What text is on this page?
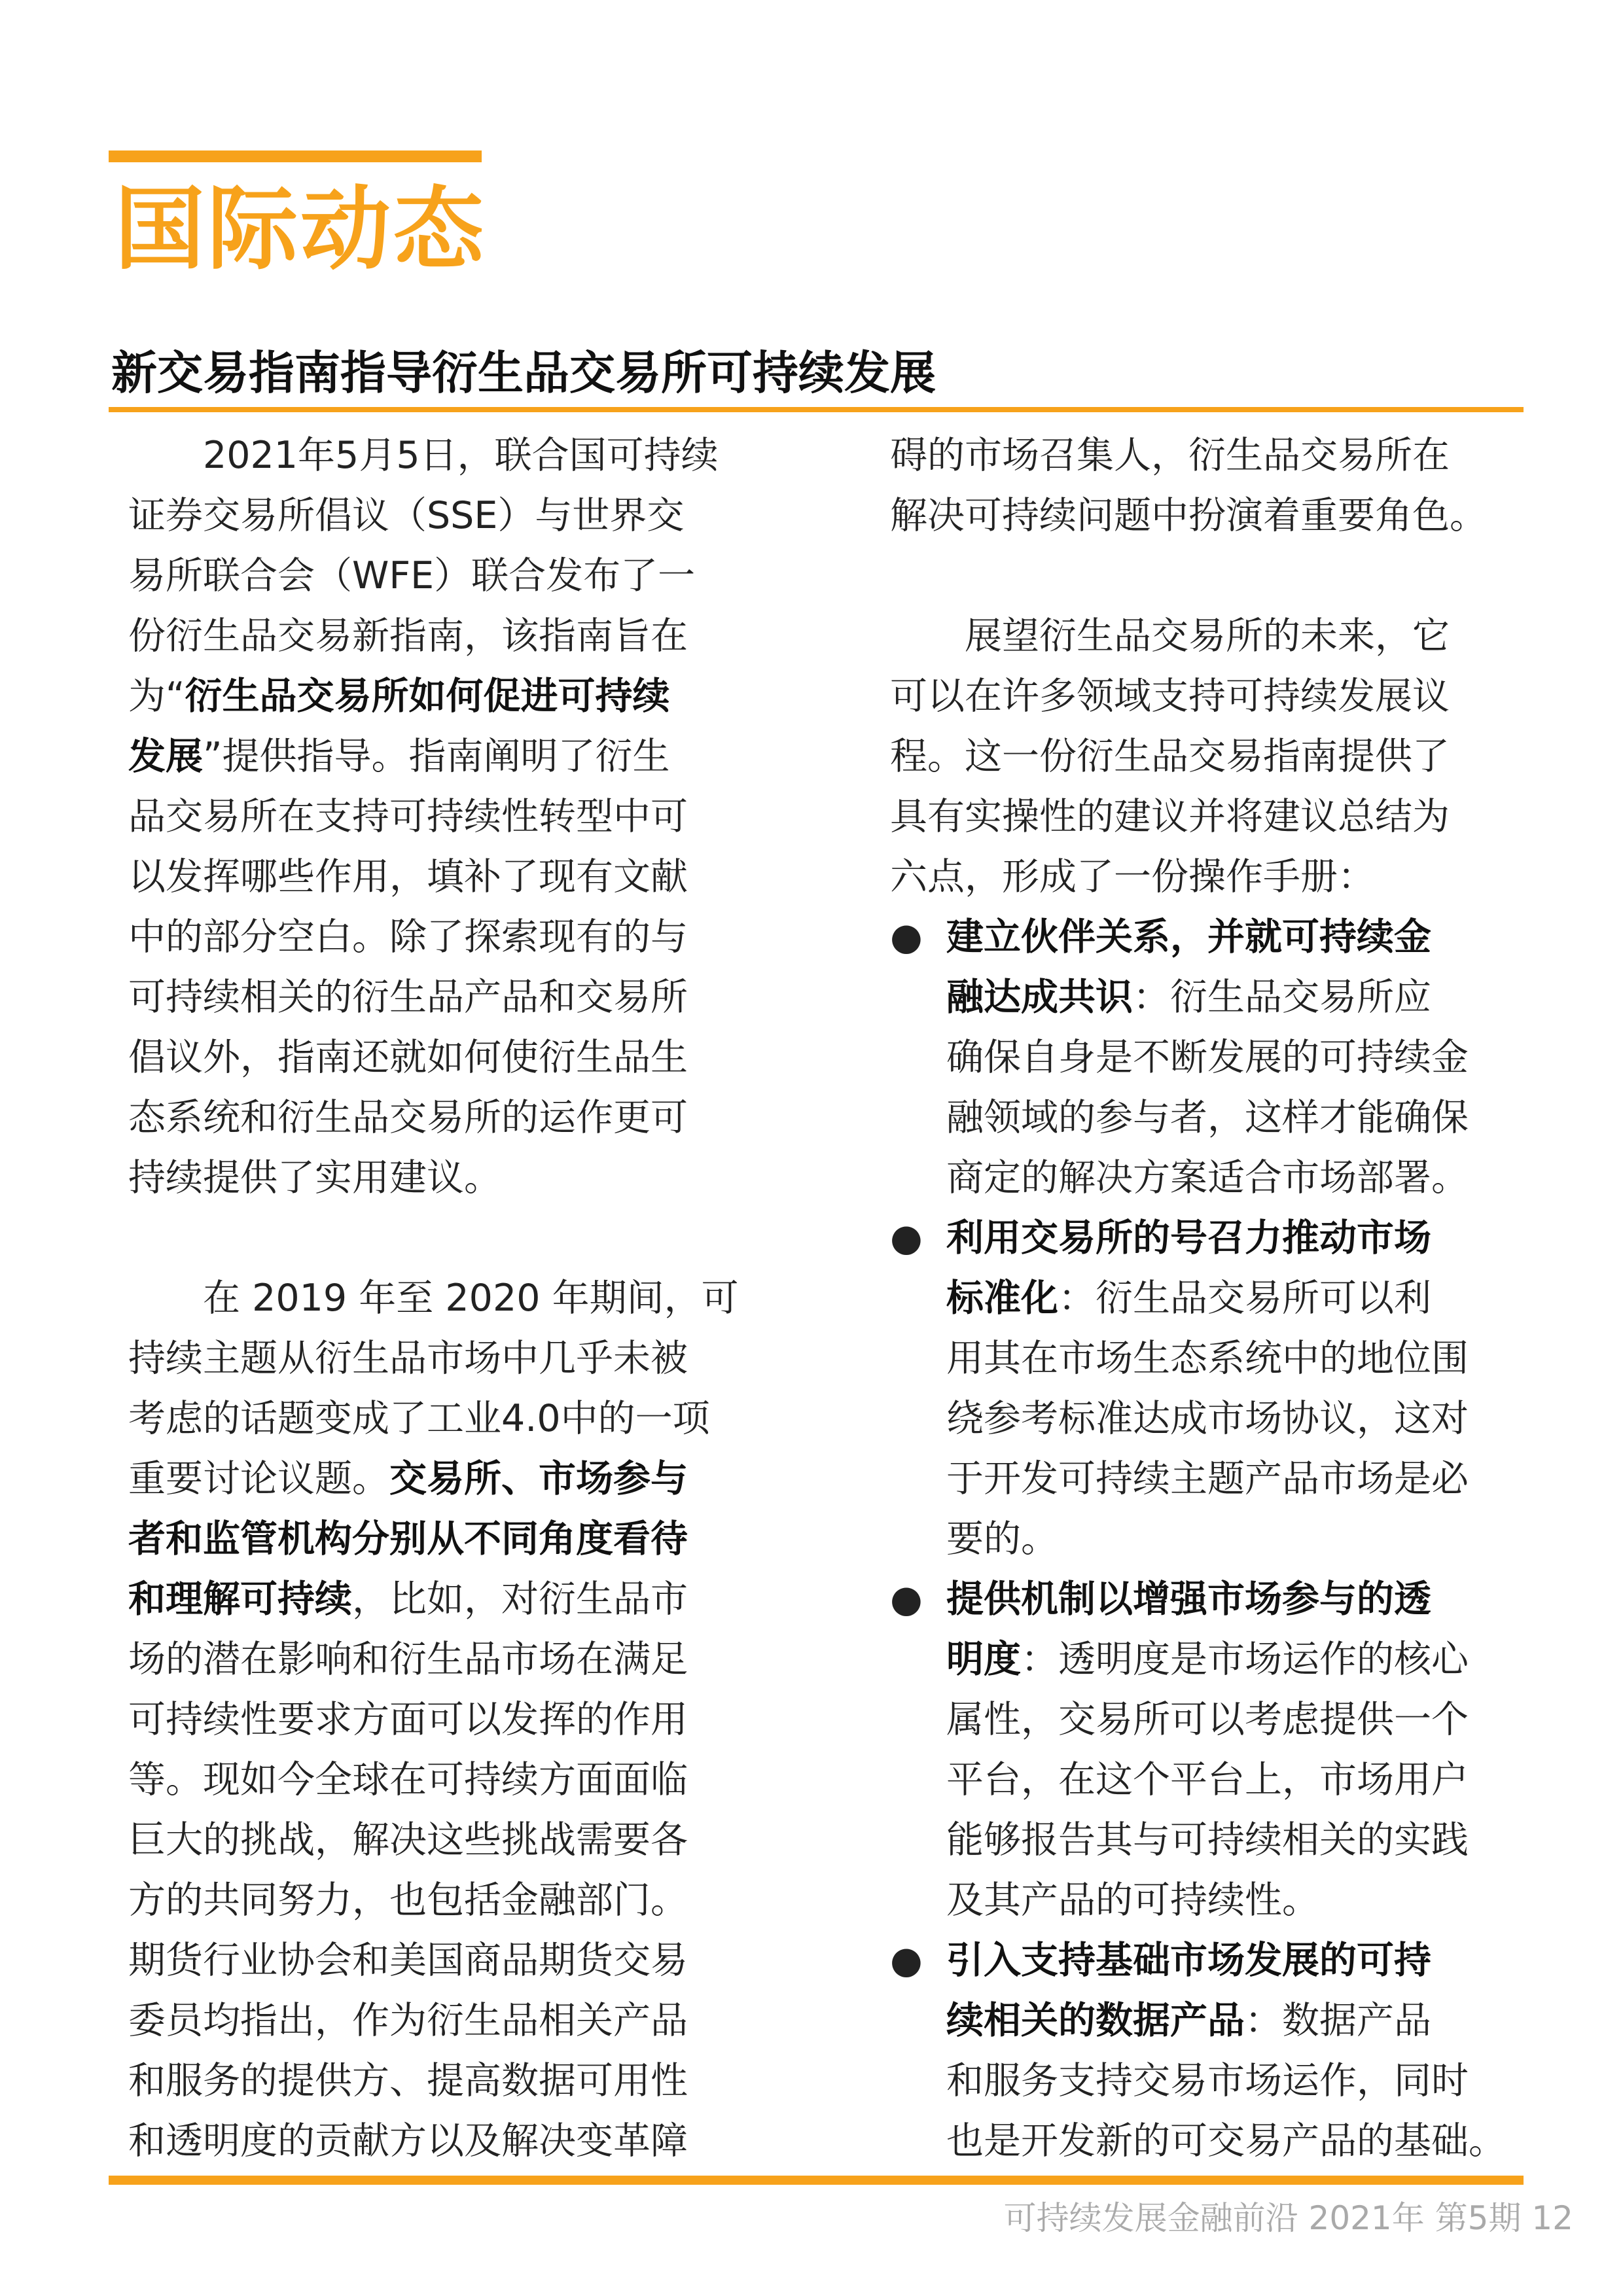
国际动态
新交易指南指导衍生品交易所可持续发展

2021年5月5日，联合国可持续
证券交易所倡议（SSE）与世界交
易所联合会（WFE）联合发布了一
份衍生品交易新指南，该指南旨在
为“衍生品交易所如何促进可持续
发展”提供指导。指南阐明了衍生
品交易所在支持可持续性转型中可
以发挥哪些作用，填补了现有文献
中的部分空白。除了探索现有的与
可持续相关的衍生品产品和交易所
倡议外，指南还就如何使衍生品生
态系统和衍生品交易所的运作更可
持续提供了实用建议。

在 2019 年至 2020 年期间，可
持续主题从衍生品市场中几乎未被
考虑的话题变成了工业4.0中的一项
重要讨论议题。交易所、市场参与
者和监管机构分别从不同角度看待
和理解可持续，比如，对衍生品市
场的潜在影响和衍生品市场在满足
可持续性要求方面可以发挥的作用
等。现如今全球在可持续方面面临
巨大的挑战，解决这些挑战需要各
方的共同努力，也包括金融部门。
期货行业协会和美国商品期货交易
委员均指出，作为衍生品相关产品
和服务的提供方、提高数据可用性
和透明度的贡献方以及解决变革障

碍的市场召集人，衍生品交易所在
解决可持续问题中扮演着重要角色。

展望衍生品交易所的未来，它
可以在许多领域支持可持续发展议
程。这一份衍生品交易指南提供了
具有实操性的建议并将建议总结为
六点，形成了一份操作手册：

● 建立伙伴关系，并就可持续金
融达成共识：衍生品交易所应
确保自身是不断发展的可持续金
融领域的参与者，这样才能确保
商定的解决方案适合市场部署。
● 利用交易所的号召力推动市场
标准化：衍生品交易所可以利
用其在市场生态系统中的地位围
绕参考标准达成市场协议，这对
于开发可持续主题产品市场是必
要的。
● 提供机制以增强市场参与的透
明度：透明度是市场运作的核心
属性，交易所可以考虑提供一个
平台，在这个平台上，市场用户
能够报告其与可持续相关的实践
及其产品的可持续性。
● 引入支持基础市场发展的可持
续相关的数据产品：数据产品
和服务支持交易市场运作，同时
也是开发新的可交易产品的基础。
可持续发展金融前沿 2021年 第5期 12
